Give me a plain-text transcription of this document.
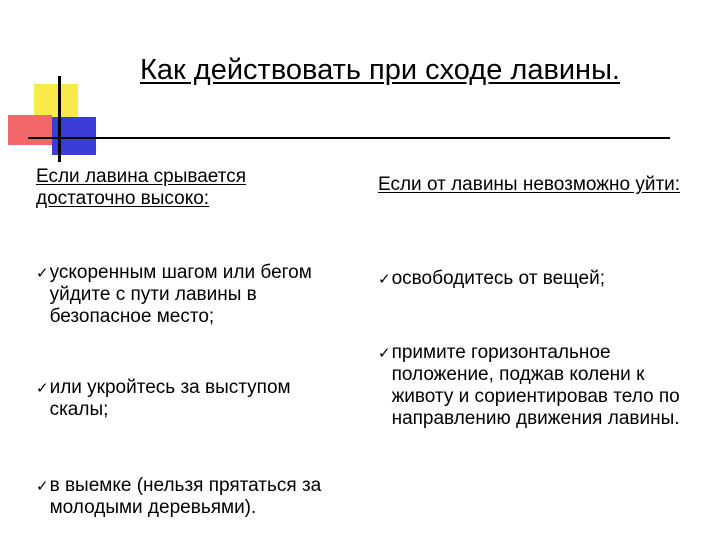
Как действовать при сходе лавины.
Если лавина срывается достаточно высоко:
Если от лавины невозможно уйти:
✓ ускоренным шагом или бегом уйдите с пути лавины в безопасное место;
✓ или укройтесь за выступом скалы;
✓ в выемке (нельзя прятаться за молодыми деревьями).
✓ освободитесь от вещей;
✓ примите горизонтальное положение, поджав колени к животу и сориентировав тело по направлению движения лавины.
